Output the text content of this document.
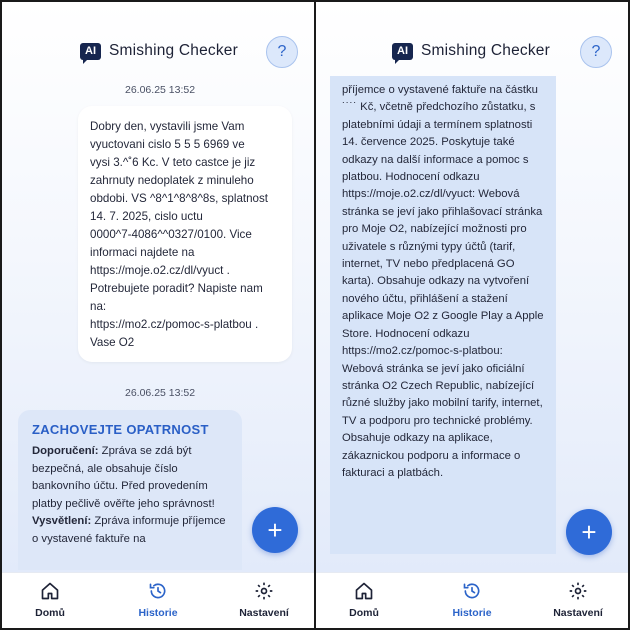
AI Smishing Checker	?
26.06.25 13:52
Dobry den, vystavili jsme Vam
vyuctovani cislo 5 5 5 6969 ve
vysi 3.^˚6 Kc. V teto castce je jiz
zahrnuty nedoplatek z minuleho
obdobi. VS ^8^1^8^8^8s, splatnost
14. 7. 2025, cislo uctu
0000^7-4086^^0327/0100. Vice
informaci najdete na
https://moje.o2.cz/dl/vyuct .
Potrebujete poradit? Napiste nam
na:
https://mo2.cz/pomoc-s-platbou .
Vase O2
26.06.25 13:52
ZACHOVEJTE OPATRNOST
Doporučení: Zpráva se zdá být bezpečná, ale obsahuje číslo bankovního účtu. Před provedením platby pečlivě ověřte jeho správnost!
Vysvětlení: Zpráva informuje příjemce o vystavené faktuře na	+
Domů	Historie	Nastavení
AI Smishing Checker	?
příjemce o vystavené faktuře na částku ˙˙˙˙ Kč, včetně předchozího zůstatku, s platebními údaji a termínem splatnosti 14. července 2025. Poskytuje také odkazy na další informace a pomoc s platbou. Hodnocení odkazu https://moje.o2.cz/dl/vyuct: Webová stránka se jeví jako přihlašovací stránka pro Moje O2, nabízející možnosti pro uživatele s různými typy účtů (tarif, internet, TV nebo předplacená GO karta). Obsahuje odkazy na vytvoření nového účtu, přihlášení a stažení aplikace Moje O2 z Google Play a Apple Store. Hodnocení odkazu https://mo2.cz/pomoc-s-platbou: Webová stránka se jeví jako oficiální stránka O2 Czech Republic, nabízející různé služby jako mobilní tarify, internet, TV a podporu pro technické problémy. Obsahuje odkazy na aplikace, zákaznickou podporu a informace o fakturaci a platbách.
+
Domů	Historie	Nastavení
